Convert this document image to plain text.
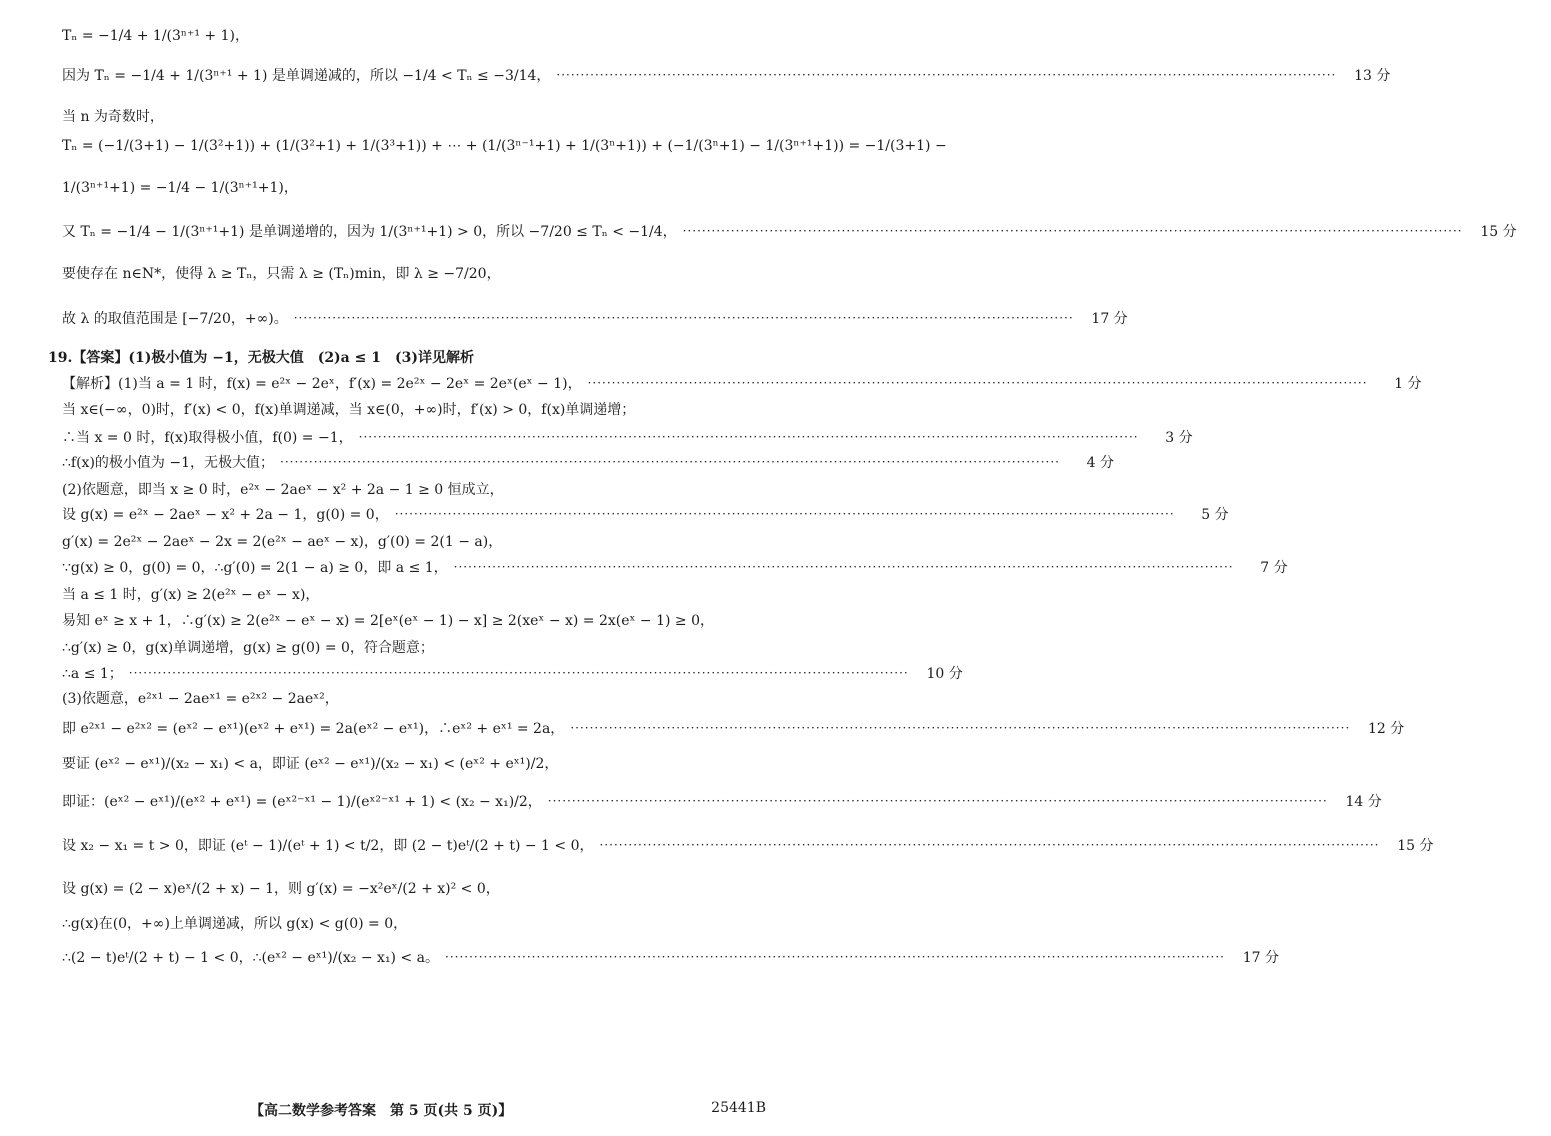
Tₙ = −1/4 + 1/(3ⁿ⁺¹ + 1)，
因为 Tₙ = −1/4 + 1/(3ⁿ⁺¹ + 1) 是单调递减的，所以 −1/4 < Tₙ ≤ −3/14， ·····	13 分
当 n 为奇数时，
Tₙ = (−1/(3+1) − 1/(3²+1)) + (1/(3²+1) + 1/(3³+1)) + ⋯ + (1/(3ⁿ⁻¹+1) + 1/(3ⁿ+1)) + (−1/(3ⁿ+1) − 1/(3ⁿ⁺¹+1)) = −1/(3+1) −
1/(3ⁿ⁺¹+1) = −1/4 − 1/(3ⁿ⁺¹+1)，
又 Tₙ = −1/4 − 1/(3ⁿ⁺¹+1) 是单调递增的，因为 1/(3ⁿ⁺¹+1) > 0，所以 −7/20 ≤ Tₙ < −1/4， ·····	15 分
要使存在 n∈N*，使得 λ ≥ Tₙ，只需 λ ≥ (Tₙ)min，即 λ ≥ −7/20，
故 λ 的取值范围是 [−7/20，+∞)。 ·····	17 分
19.【答案】(1)极小值为 −1，无极大值　(2)a ≤ 1　(3)详见解析
【解析】(1)当 a = 1 时，f(x) = e²ˣ − 2eˣ，f′(x) = 2e²ˣ − 2eˣ = 2eˣ(eˣ − 1)， ·····	1 分
当 x∈(−∞，0)时，f′(x) < 0，f(x)单调递减，当 x∈(0，+∞)时，f′(x) > 0，f(x)单调递增；
∴当 x = 0 时，f(x)取得极小值，f(0) = −1， ·····	3 分
∴f(x)的极小值为 −1，无极大值； ·····	4 分
(2)依题意，即当 x ≥ 0 时，e²ˣ − 2aeˣ − x² + 2a − 1 ≥ 0 恒成立，
设 g(x) = e²ˣ − 2aeˣ − x² + 2a − 1，g(0) = 0， ·····	5 分
g′(x) = 2e²ˣ − 2aeˣ − 2x = 2(e²ˣ − aeˣ − x)，g′(0) = 2(1 − a)，
∵g(x) ≥ 0，g(0) = 0，∴g′(0) = 2(1 − a) ≥ 0，即 a ≤ 1， ·····	7 分
当 a ≤ 1 时，g′(x) ≥ 2(e²ˣ − eˣ − x)，
易知 eˣ ≥ x + 1，∴g′(x) ≥ 2(e²ˣ − eˣ − x) = 2[eˣ(eˣ − 1) − x] ≥ 2(xeˣ − x) = 2x(eˣ − 1) ≥ 0，
∴g′(x) ≥ 0，g(x)单调递增，g(x) ≥ g(0) = 0，符合题意；
∴a ≤ 1； ·····	10 分
(3)依题意，e²ˣ¹ − 2aeˣ¹ = e²ˣ² − 2aeˣ²，
即 e²ˣ¹ − e²ˣ² = (eˣ² − eˣ¹)(eˣ² + eˣ¹) = 2a(eˣ² − eˣ¹)，∴eˣ² + eˣ¹ = 2a， ·····	12 分
要证 (eˣ² − eˣ¹)/(x₂ − x₁) < a，即证 (eˣ² − eˣ¹)/(x₂ − x₁) < (eˣ² + eˣ¹)/2，
即证：(eˣ² − eˣ¹)/(eˣ² + eˣ¹) = (eˣ²⁻ˣ¹ − 1)/(eˣ²⁻ˣ¹ + 1) < (x₂ − x₁)/2， ·····	14 分
设 x₂ − x₁ = t > 0，即证 (eᵗ − 1)/(eᵗ + 1) < t/2，即 (2 − t)eᵗ/(2 + t) − 1 < 0， ·····	15 分
设 g(x) = (2 − x)eˣ/(2 + x) − 1，则 g′(x) = −x²eˣ/(2 + x)² < 0，
∴g(x)在(0，+∞)上单调递减，所以 g(x) < g(0) = 0，
∴(2 − t)eᵗ/(2 + t) − 1 < 0，∴(eˣ² − eˣ¹)/(x₂ − x₁) < a。 ·····	17 分
【高二数学参考答案　第 5 页(共 5 页)】	25441B
